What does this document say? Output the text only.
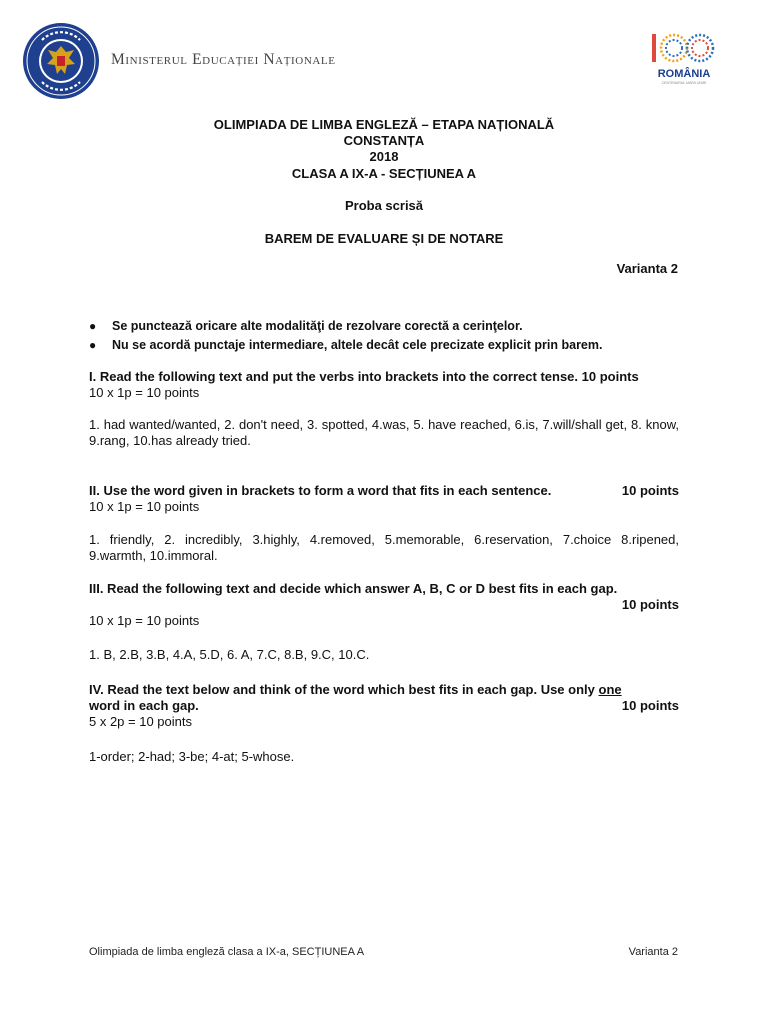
Ministerul Educației Naționale
ROMÂNIA
CENTENARUL MARII UNIRI
OLIMPIADA DE LIMBA ENGLEZĂ – ETAPA NAȚIONALĂ
CONSTANȚA
2018
CLASA A IX-A - SECȚIUNEA A
Proba scrisă
BAREM DE EVALUARE ȘI DE NOTARE
Varianta 2
● Se punctează oricare alte modalităţi de rezolvare corectă a cerinţelor.
● Nu se acordă punctaje intermediare, altele decât cele precizate explicit prin barem.
I. Read the following text and put the verbs into brackets into the correct tense. 10 points
10 x 1p = 10 points
1. had wanted/wanted, 2. don't need, 3. spotted, 4.was, 5. have reached, 6.is, 7.will/shall get, 8. know, 9.rang, 10.has already tried.
II. Use the word given in brackets to form a word that fits in each sentence.	10 points
10 x 1p = 10 points
1. friendly, 2. incredibly, 3.highly, 4.removed, 5.memorable, 6.reservation, 7.choice 8.ripened, 9.warmth, 10.immoral.
III. Read the following text and decide which answer A, B, C or D best fits in each gap.
10 points
10 x 1p = 10 points
1. B, 2.B, 3.B, 4.A, 5.D, 6. A, 7.C, 8.B, 9.C, 10.C.
IV. Read the text below and think of the word which best fits in each gap. Use only one
word in each gap.	10 points
5 x 2p = 10 points
1-order; 2-had; 3-be; 4-at; 5-whose.
Olimpiada de limba engleză clasa a IX-a, SECȚIUNEA A	Varianta 2
